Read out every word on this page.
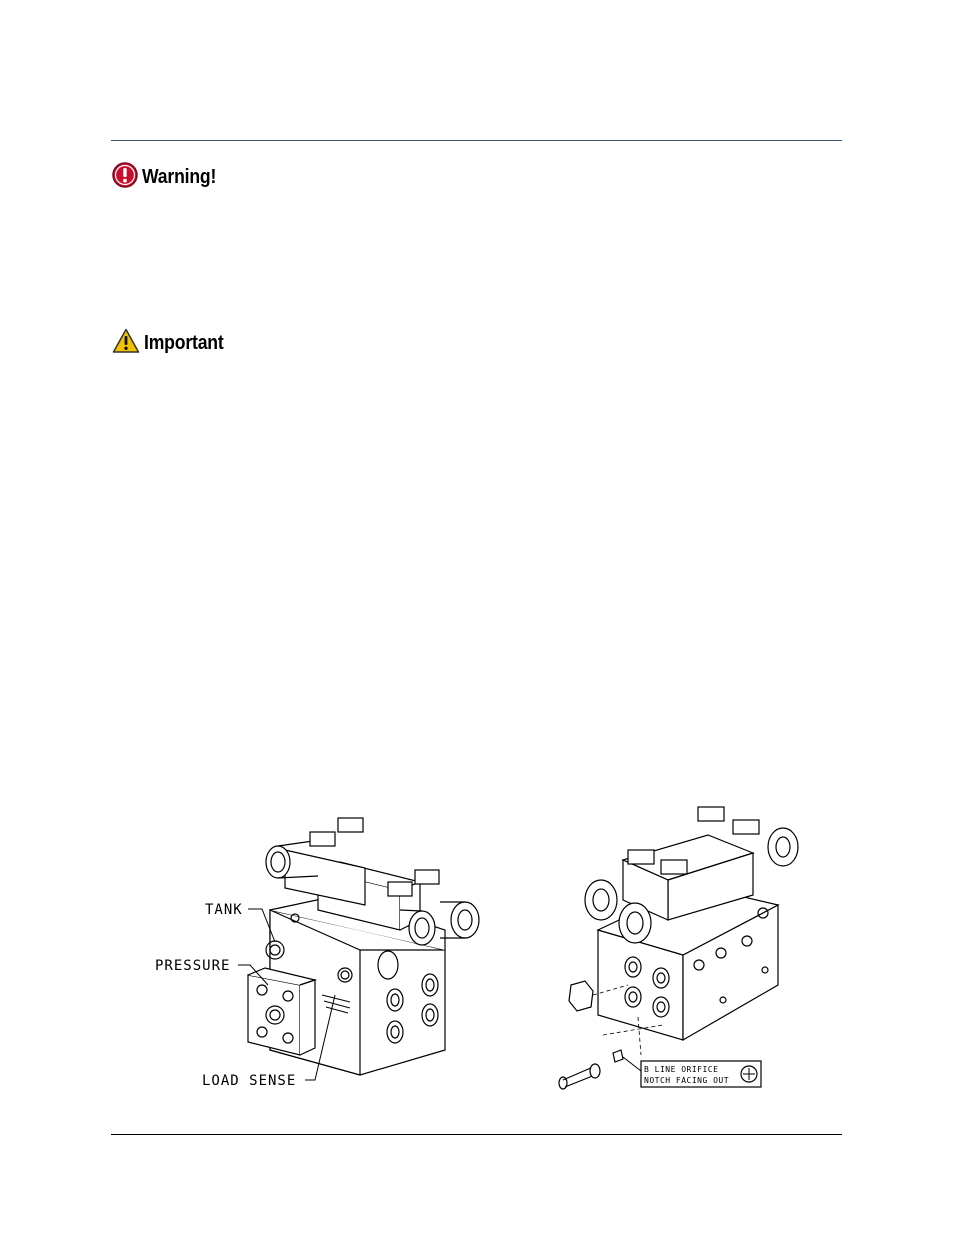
Warning!
Important
TANK
PRESSURE
LOAD SENSE
B LINE ORIFICE
NOTCH FACING OUT
